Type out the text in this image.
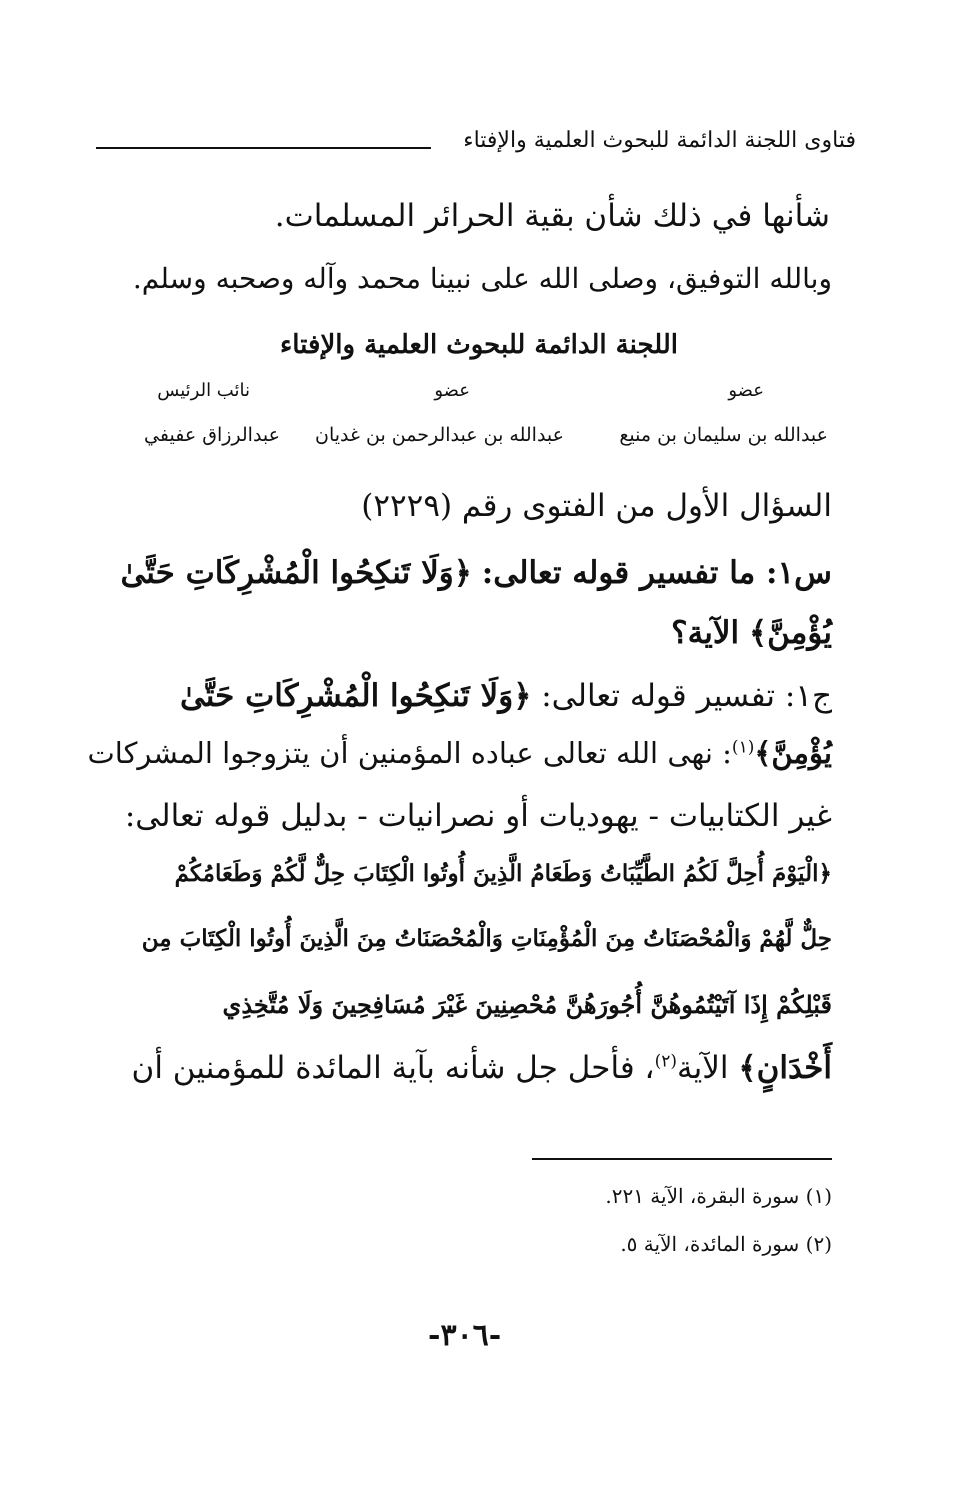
فتاوى اللجنة الدائمة للبحوث العلمية والإفتاء
شأنها في ذلك شأن بقية الحرائر المسلمات.
وبالله التوفيق، وصلى الله على نبينا محمد وآله وصحبه وسلم.
اللجنة الدائمة للبحوث العلمية والإفتاء
عضو
عضو
نائب الرئيس
عبدالله بن سليمان بن منيع
عبدالله بن عبدالرحمن بن غديان
عبدالرزاق عفيفي
السؤال الأول من الفتوى رقم (٢٢٢٩)
س١: ما تفسير قوله تعالى: ﴿وَلَا تَنكِحُوا الْمُشْرِكَاتِ حَتَّىٰ
يُؤْمِنَّ﴾ الآية؟
ج١: تفسير قوله تعالى: ﴿وَلَا تَنكِحُوا الْمُشْرِكَاتِ حَتَّىٰ
يُؤْمِنَّ﴾$^{(١)}$: نهى الله تعالى عباده المؤمنين أن يتزوجوا المشركات
غير الكتابيات - يهوديات أو نصرانيات - بدليل قوله تعالى:
﴿الْيَوْمَ أُحِلَّ لَكُمُ الطَّيِّبَاتُ وَطَعَامُ الَّذِينَ أُوتُوا الْكِتَابَ حِلٌّ لَّكُمْ وَطَعَامُكُمْ
حِلٌّ لَّهُمْ وَالْمُحْصَنَاتُ مِنَ الْمُؤْمِنَاتِ وَالْمُحْصَنَاتُ مِنَ الَّذِينَ أُوتُوا الْكِتَابَ مِن
قَبْلِكُمْ إِذَا آتَيْتُمُوهُنَّ أُجُورَهُنَّ مُحْصِنِينَ غَيْرَ مُسَافِحِينَ وَلَا مُتَّخِذِي
أَخْدَانٍ﴾ الآية$^{(٢)}$، فأحل جل شأنه بآية المائدة للمؤمنين أن
(١) سورة البقرة، الآية ٢٢١.
(٢) سورة المائدة، الآية ٥.
-٣٠٦-
